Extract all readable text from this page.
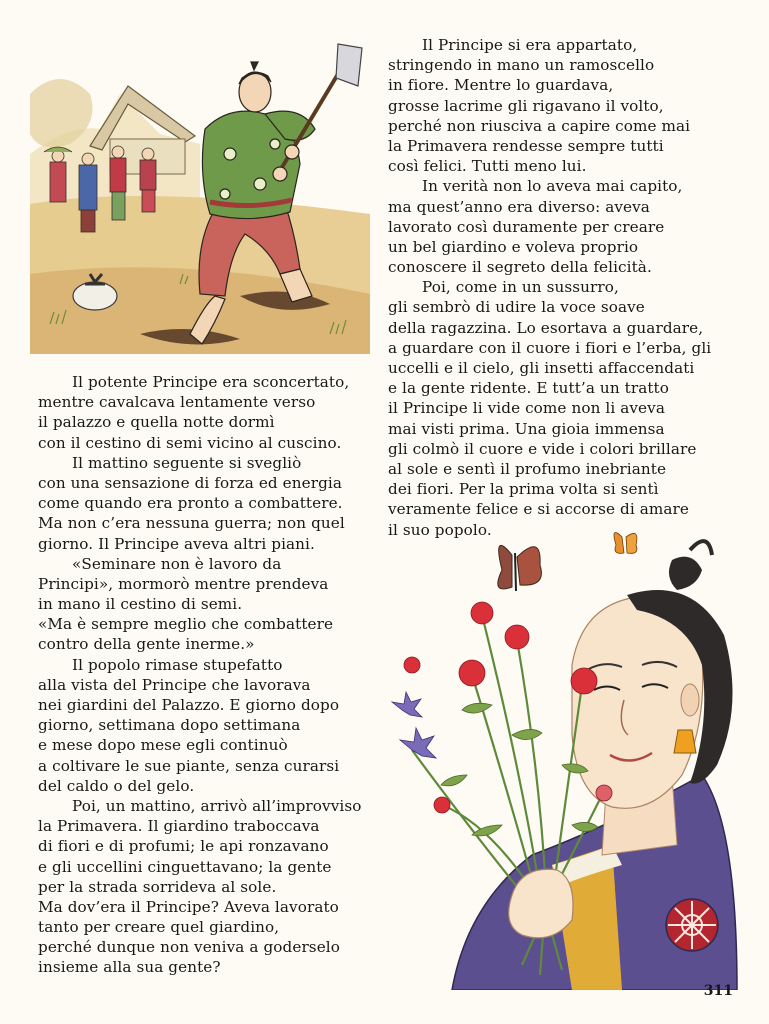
Il potente Principe era sconcertato,
mentre cavalcava lentamente verso
il palazzo e quella notte dormì
con il cestino di semi vicino al cuscino.
Il mattino seguente si svegliò
con una sensazione di forza ed energia
come quando era pronto a combattere.
Ma non c’era nessuna guerra; non quel
giorno. Il Principe aveva altri piani.
«Seminare non è lavoro da
Principi», mormorò mentre prendeva
in mano il cestino di semi.
«Ma è sempre meglio che combattere
contro della gente inerme.»
Il popolo rimase stupefatto
alla vista del Principe che lavorava
nei giardini del Palazzo. E giorno dopo
giorno, settimana dopo settimana
e mese dopo mese egli continuò
a coltivare le sue piante, senza curarsi
del caldo o del gelo.
Poi, un mattino, arrivò all’improvviso
la Primavera. Il giardino traboccava
di fiori e di profumi; le api ronzavano
e gli uccellini cinguettavano; la gente
per la strada sorrideva al sole.
Ma dov’era il Principe? Aveva lavorato
tanto per creare quel giardino,
perché dunque non veniva a goderselo
insieme alla sua gente?
Il Principe si era appartato,
stringendo in mano un ramoscello
in fiore. Mentre lo guardava,
grosse lacrime gli rigavano il volto,
perché non riusciva a capire come mai
la Primavera rendesse sempre tutti
così felici. Tutti meno lui.
In verità non lo aveva mai capito,
ma quest’anno era diverso: aveva
lavorato così duramente per creare
un bel giardino e voleva proprio
conoscere il segreto della felicità.
Poi, come in un sussurro,
gli sembrò di udire la voce soave
della ragazzina. Lo esortava a guardare,
a guardare con il cuore i fiori e l’erba, gli
uccelli e il cielo, gli insetti affaccendati
e la gente ridente. E tutt’a un tratto
il Principe li vide come non li aveva
mai visti prima. Una gioia immensa
gli colmò il cuore e vide i colori brillare
al sole e sentì il profumo inebriante
dei fiori. Per la prima volta si sentì
veramente felice e si accorse di amare
il suo popolo.
311
